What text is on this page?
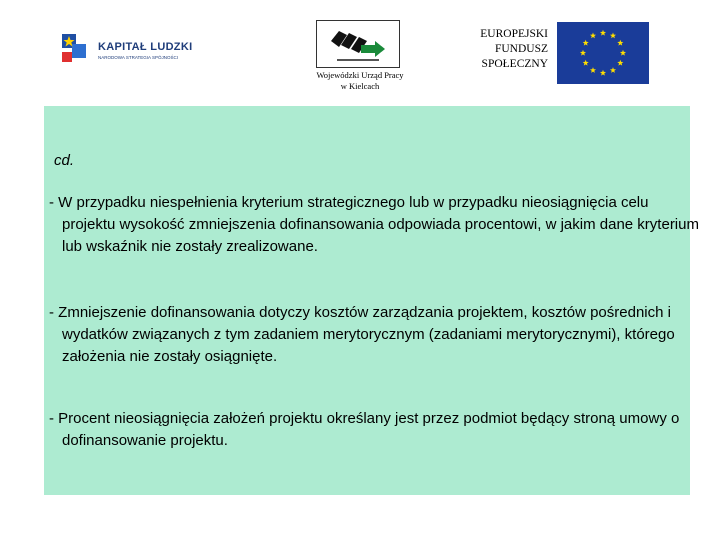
KAPITAŁ LUDZKI
NARODOWA STRATEGIA SPÓJNOŚCI
Wojewódzki Urząd Pracy
w Kielcach
EUROPEJSKI
FUNDUSZ
SPOŁECZNY
cd.
- W przypadku niespełnienia kryterium strategicznego lub w przypadku nieosiągnięcia celu projektu wysokość zmniejszenia dofinansowania odpowiada procentowi, w jakim dane kryterium lub wskaźnik nie zostały zrealizowane.
- Zmniejszenie dofinansowania dotyczy kosztów zarządzania projektem, kosztów pośrednich i wydatków związanych z tym zadaniem merytorycznym (zadaniami merytorycznymi), którego założenia nie zostały osiągnięte.
- Procent nieosiągnięcia założeń projektu określany jest przez podmiot będący stroną umowy o dofinansowanie projektu.
